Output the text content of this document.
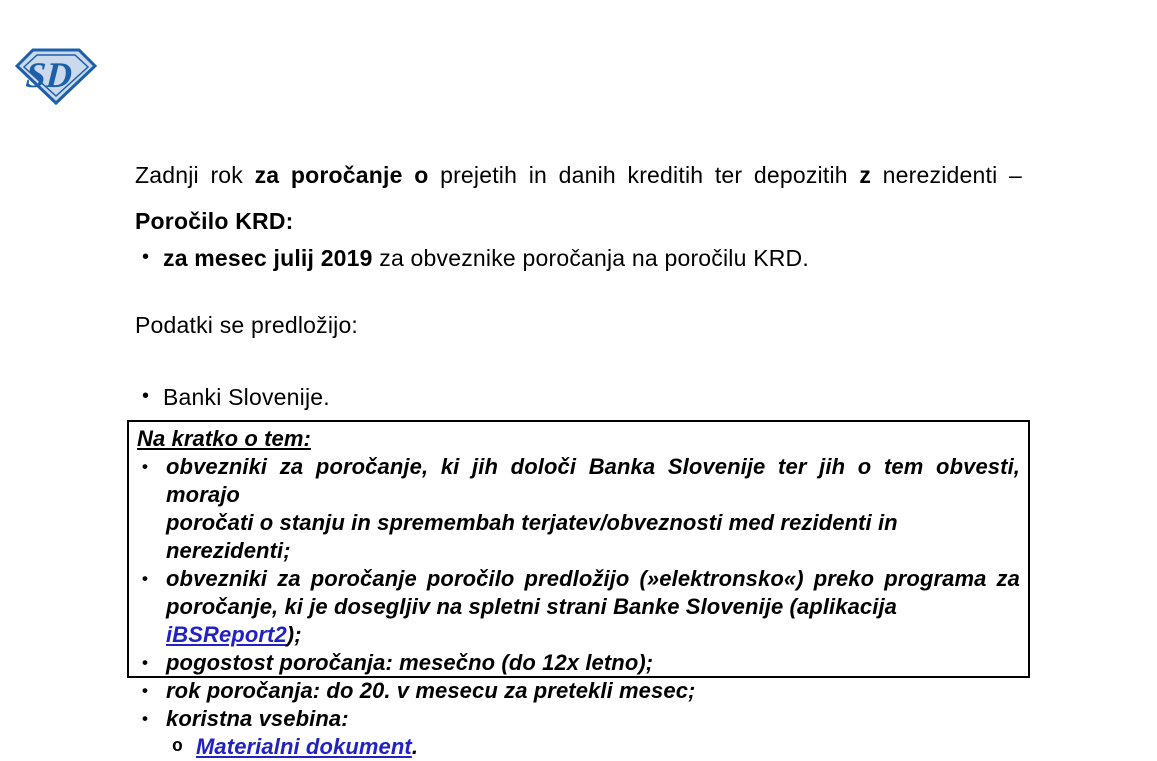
SD
Zadnji rok za poročanje o prejetih in danih kreditih ter depozitih z nerezidenti –
Poročilo KRD:
• za mesec julij 2019 za obveznike poročanja na poročilu KRD.
Podatki se predložijo:
• Banki Slovenije.
Na kratko o tem:
• obvezniki za poročanje, ki jih določi Banka Slovenije ter jih o tem obvesti, morajo
poročati o stanju in spremembah terjatev/obveznosti med rezidenti in nerezidenti;
• obvezniki za poročanje poročilo predložijo (»elektronsko«) preko programa za
poročanje, ki je dosegljiv na spletni strani Banke Slovenije (aplikacija iBSReport2);
• pogostost poročanja: mesečno (do 12x letno);
• rok poročanja: do 20. v mesecu za pretekli mesec;
• koristna vsebina:
o Materialni dokument.
